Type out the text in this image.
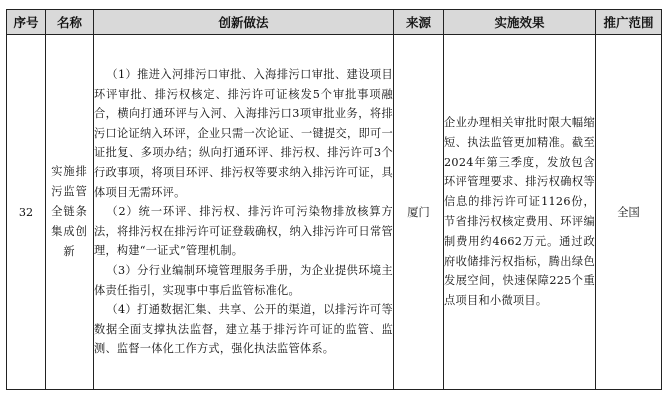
序号	名称	创新做法	来源	实施效果	推广范围
32	实施排污监管全链条集成创新	（1）推进入河排污口审批、入海排污口审批、建设项目环评审批、排污权核定、排污许可证核发5个审批事项融合，横向打通环评与入河、入海排污口3项审批业务，将排污口论证纳入环评，企业只需一次论证、一键提交，即可一证批复、多项办结；纵向打通环评、排污权、排污许可3个行政事项，将项目环评、排污权等要求纳入排污许可证，具体项目无需环评。

（2）统一环评、排污权、排污许可污染物排放核算方法，将排污权在排污许可证登载确权，纳入排污许可日常管理，构建“一证式”管理机制。

（3）分行业编制环境管理服务手册，为企业提供环境主体责任指引，实现事中事后监管标准化。

（4）打通数据汇集、共享、公开的渠道，以排污许可等数据全面支撑执法监督，建立基于排污许可证的监管、监测、监督一体化工作方式，强化执法监管体系。	厦门	企业办理相关审批时限大幅缩短、执法监管更加精准。截至2024年第三季度，发放包含环评管理要求、排污权确权等信息的排污许可证1126份，节省排污权核定费用、环评编制费用约4662万元。通过政府收储排污权指标，腾出绿色发展空间，快速保障225个重点项目和小微项目。	全国
